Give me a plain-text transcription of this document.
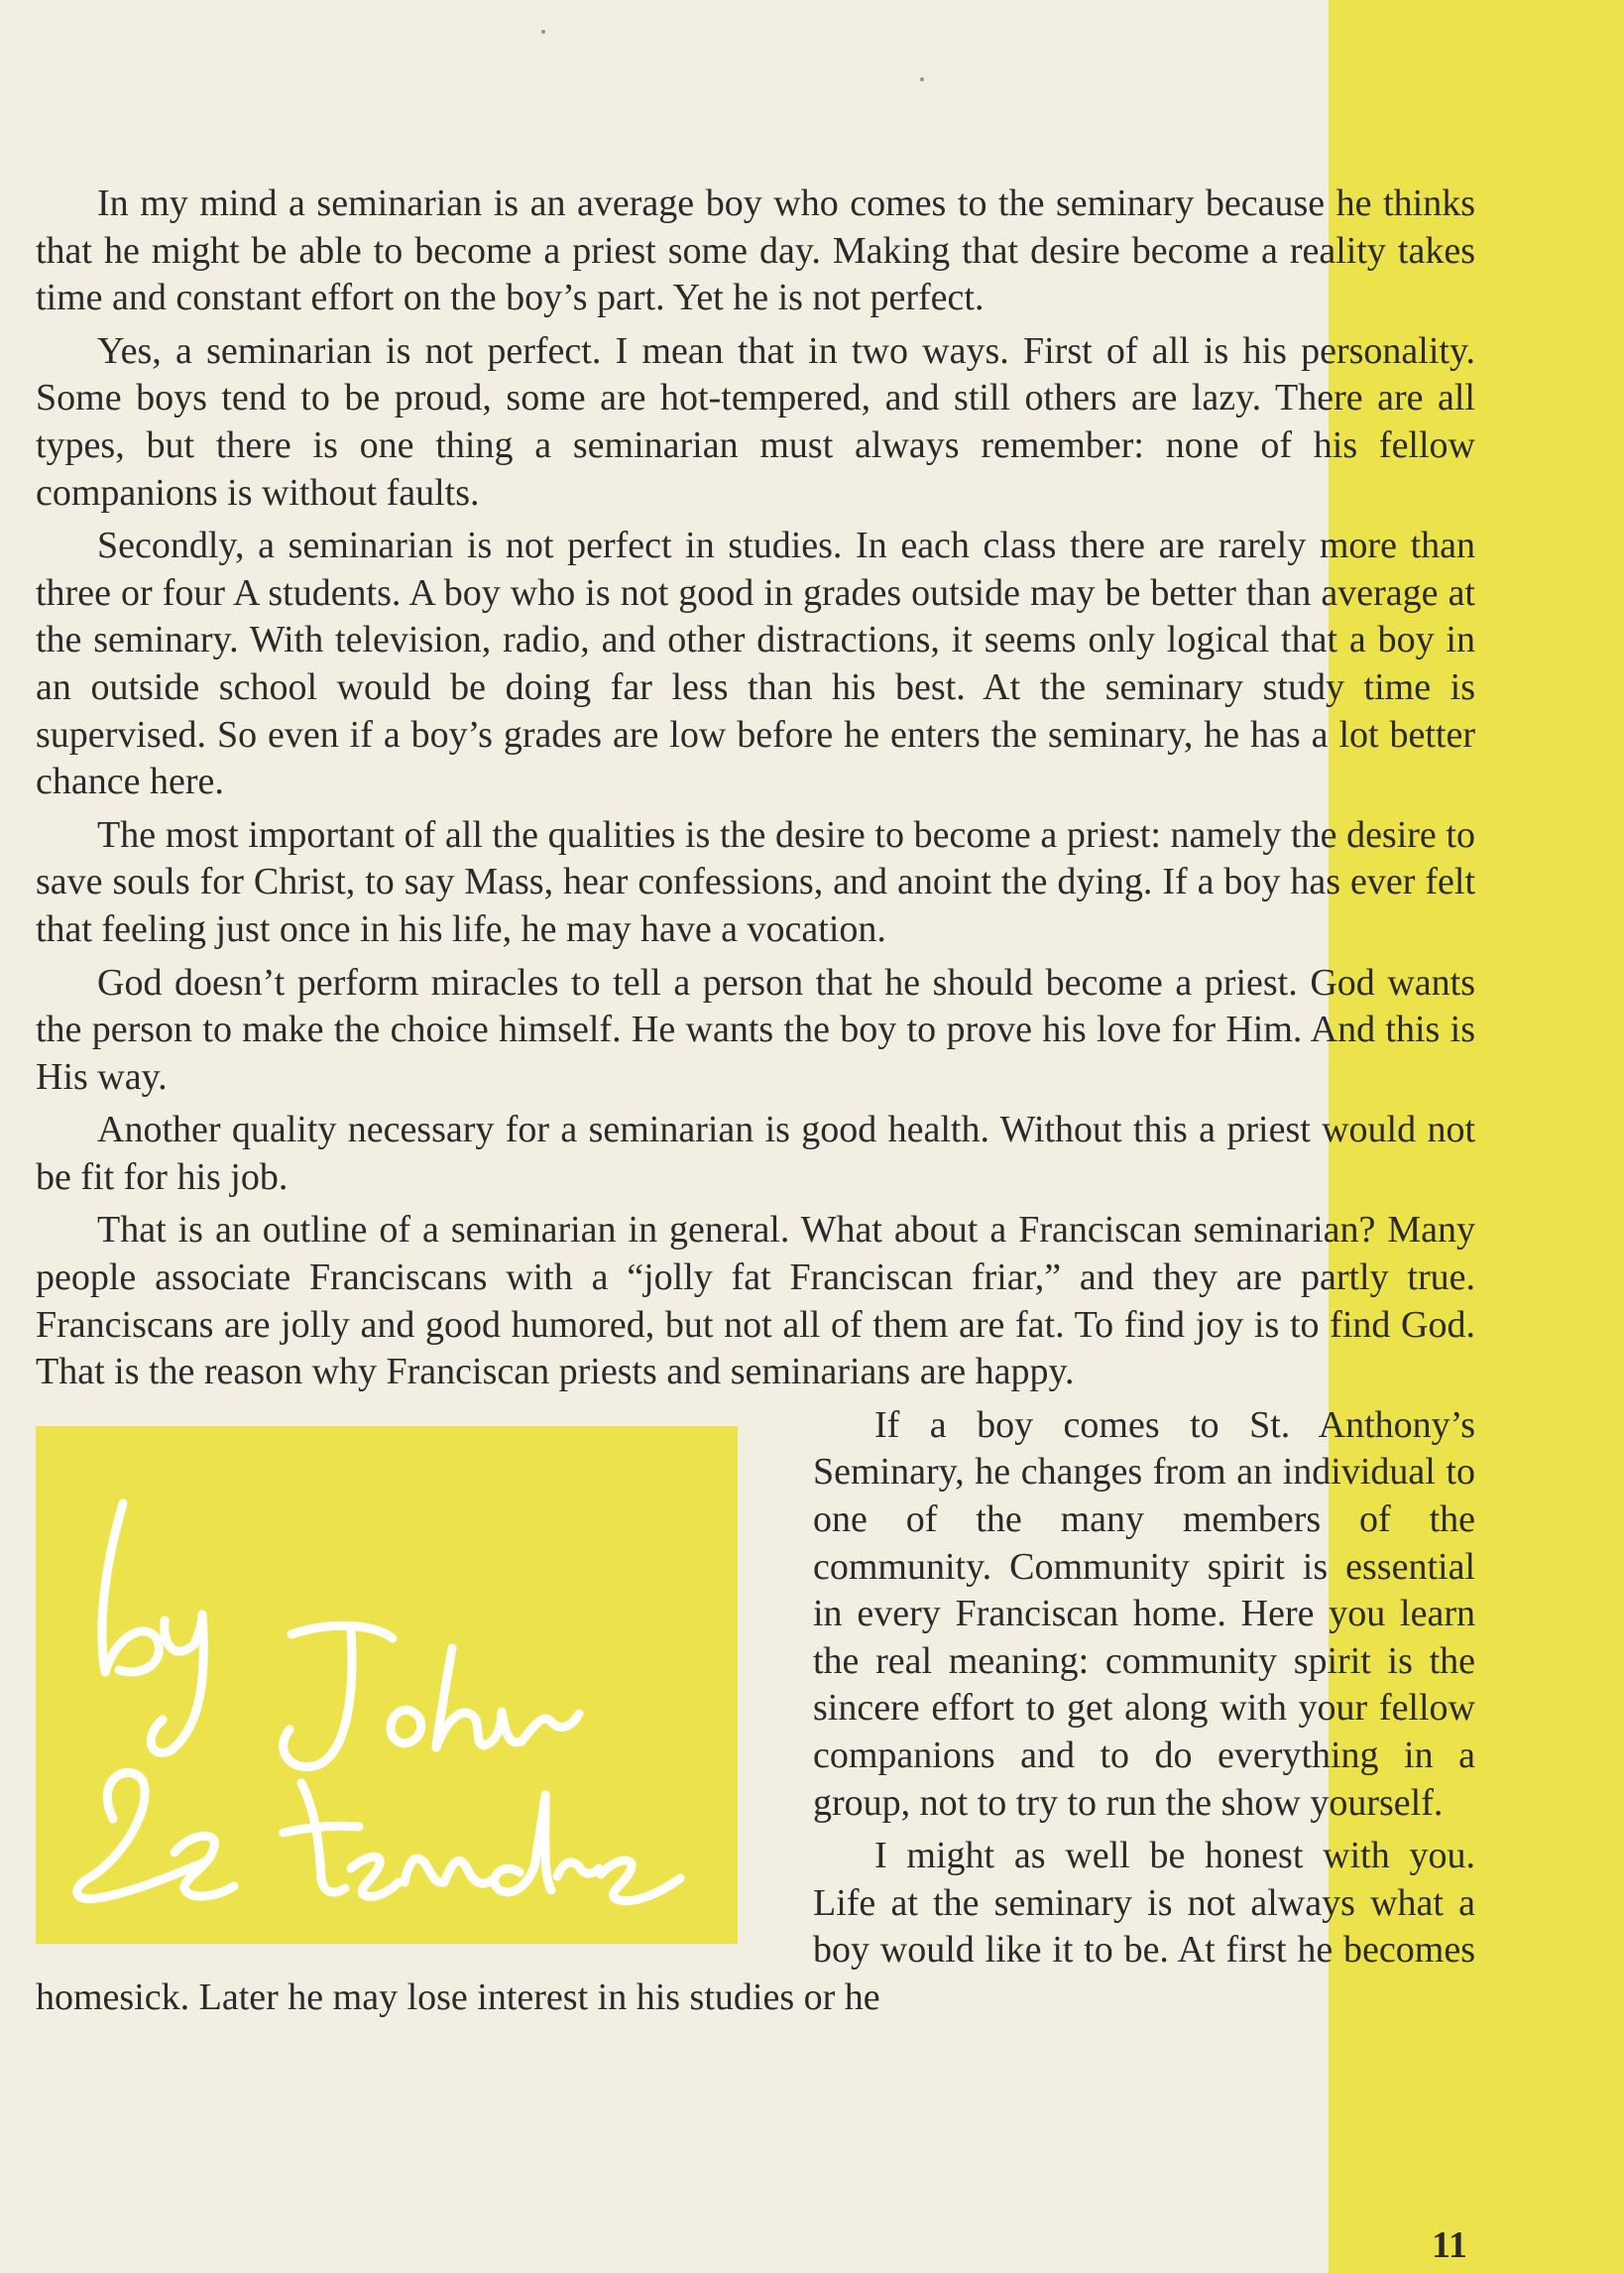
In my mind a seminarian is an average boy who comes to the seminary because he thinks that he might be able to become a priest some day. Making that desire become a reality takes time and constant effort on the boy’s part. Yet he is not perfect.

Yes, a seminarian is not perfect. I mean that in two ways. First of all is his personality. Some boys tend to be proud, some are hot-tempered, and still others are lazy. There are all types, but there is one thing a seminarian must always remember: none of his fellow companions is without faults.

Secondly, a seminarian is not perfect in studies. In each class there are rarely more than three or four A students. A boy who is not good in grades outside may be better than average at the seminary. With television, radio, and other distractions, it seems only logical that a boy in an outside school would be doing far less than his best. At the seminary study time is supervised. So even if a boy’s grades are low before he enters the seminary, he has a lot better chance here.

The most important of all the qualities is the desire to become a priest: namely the desire to save souls for Christ, to say Mass, hear confessions, and anoint the dying. If a boy has ever felt that feeling just once in his life, he may have a vocation.

God doesn’t perform miracles to tell a person that he should become a priest. God wants the person to make the choice himself. He wants the boy to prove his love for Him. And this is His way.

Another quality necessary for a seminarian is good health. Without this a priest would not be fit for his job.

That is an outline of a seminarian in general. What about a Franciscan seminarian? Many people associate Franciscans with a “jolly fat Franciscan friar,” and they are partly true. Franciscans are jolly and good humored, but not all of them are fat. To find joy is to find God. That is the reason why Franciscan priests and seminarians are happy.

If a boy comes to St. Anthony’s Seminary, he changes from an individual to one of the many members of the community. Community spirit is essential in every Franciscan home. Here you learn the real meaning: community spirit is the sincere effort to get along with your fellow companions and to do everything in a group, not to try to run the show yourself.

I might as well be honest with you. Life at the seminary is not always what a boy would like it to be. At first he becomes homesick. Later he may lose interest in his studies or he

11
